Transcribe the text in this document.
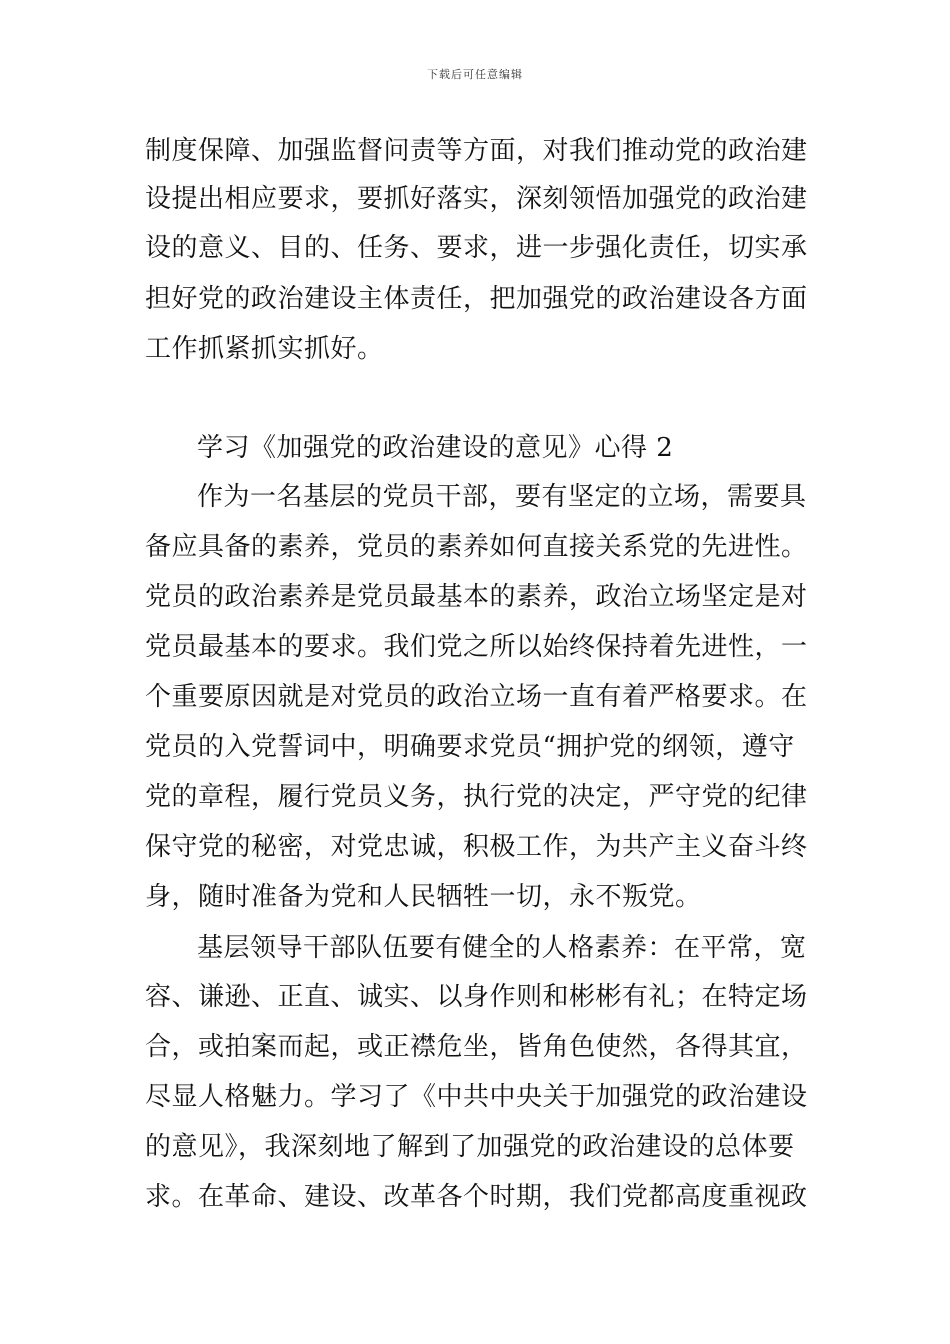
下载后可任意编辑
制度保障、加强监督问责等方面，对我们推动党的政治建
设提出相应要求，要抓好落实，深刻领悟加强党的政治建
设的意义、目的、任务、要求，进一步强化责任，切实承
担好党的政治建设主体责任，把加强党的政治建设各方面
工作抓紧抓实抓好。
学习《加强党的政治建设的意见》心得 2
作为一名基层的党员干部，要有坚定的立场，需要具
备应具备的素养，党员的素养如何直接关系党的先进性。
党员的政治素养是党员最基本的素养，政治立场坚定是对
党员最基本的要求。我们党之所以始终保持着先进性，一
个重要原因就是对党员的政治立场一直有着严格要求。在
党员的入党誓词中，明确要求党员“拥护党的纲领，遵守
党的章程，履行党员义务，执行党的决定，严守党的纪律
保守党的秘密，对党忠诚，积极工作，为共产主义奋斗终
身，随时准备为党和人民牺牲一切，永不叛党。
基层领导干部队伍要有健全的人格素养：在平常，宽
容、谦逊、正直、诚实、以身作则和彬彬有礼；在特定场
合，或拍案而起，或正襟危坐，皆角色使然，各得其宜，
尽显人格魅力。学习了《中共中央关于加强党的政治建设
的意见》，我深刻地了解到了加强党的政治建设的总体要
求。在革命、建设、改革各个时期，我们党都高度重视政
